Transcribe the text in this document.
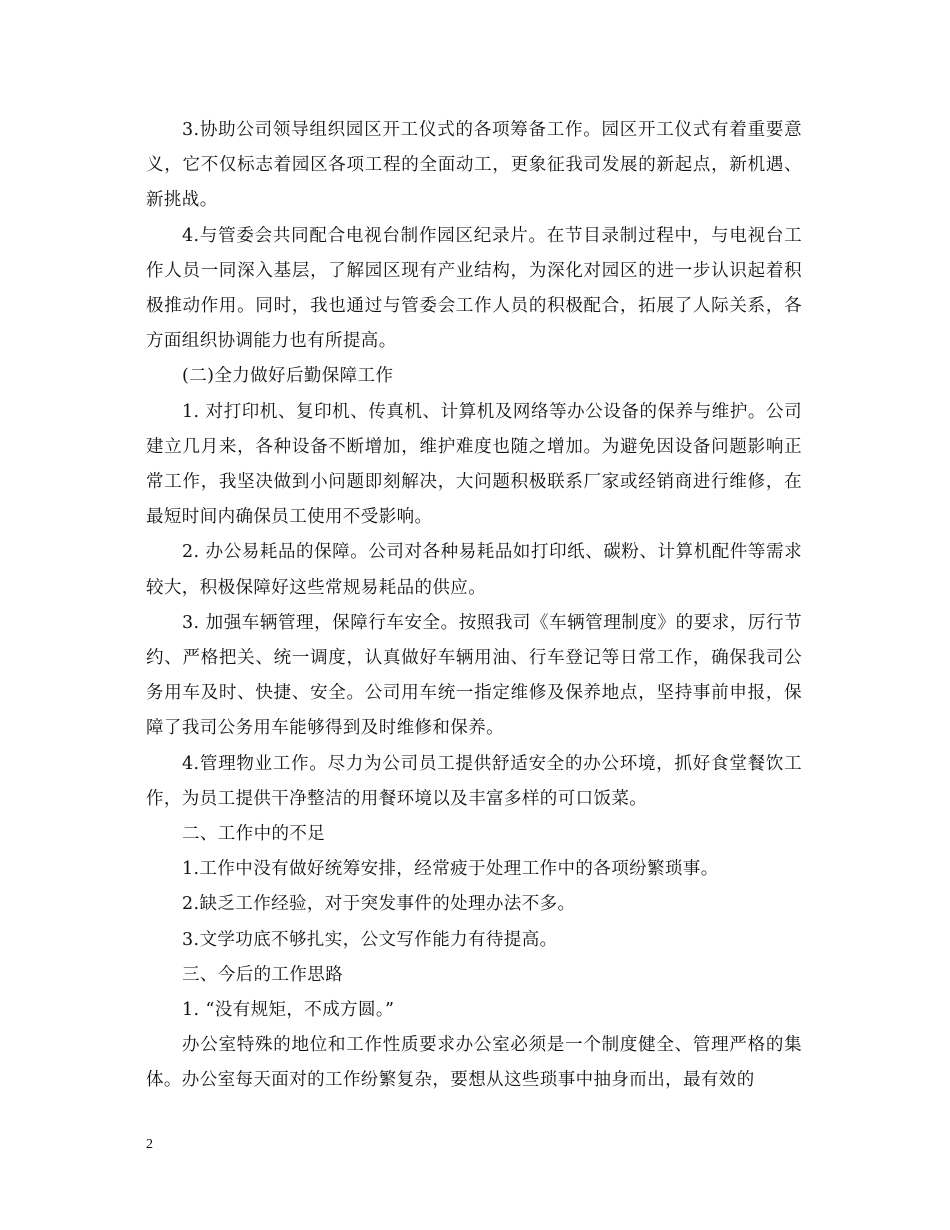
3.协助公司领导组织园区开工仪式的各项筹备工作。园区开工仪式有着重要意义，它不仅标志着园区各项工程的全面动工，更象征我司发展的新起点，新机遇、新挑战。

4.与管委会共同配合电视台制作园区纪录片。在节目录制过程中，与电视台工作人员一同深入基层，了解园区现有产业结构，为深化对园区的进一步认识起着积极推动作用。同时，我也通过与管委会工作人员的积极配合，拓展了人际关系，各方面组织协调能力也有所提高。

(二)全力做好后勤保障工作

1. 对打印机、复印机、传真机、计算机及网络等办公设备的保养与维护。公司建立几月来，各种设备不断增加，维护难度也随之增加。为避免因设备问题影响正常工作，我坚决做到小问题即刻解决，大问题积极联系厂家或经销商进行维修，在最短时间内确保员工使用不受影响。

2. 办公易耗品的保障。公司对各种易耗品如打印纸、碳粉、计算机配件等需求较大，积极保障好这些常规易耗品的供应。

3. 加强车辆管理，保障行车安全。按照我司《车辆管理制度》的要求，厉行节约、严格把关、统一调度，认真做好车辆用油、行车登记等日常工作，确保我司公务用车及时、快捷、安全。公司用车统一指定维修及保养地点，坚持事前申报，保障了我司公务用车能够得到及时维修和保养。

4.管理物业工作。尽力为公司员工提供舒适安全的办公环境，抓好食堂餐饮工作，为员工提供干净整洁的用餐环境以及丰富多样的可口饭菜。

二、工作中的不足

1.工作中没有做好统筹安排，经常疲于处理工作中的各项纷繁琐事。

2.缺乏工作经验，对于突发事件的处理办法不多。

3.文学功底不够扎实，公文写作能力有待提高。

三、今后的工作思路

1. “没有规矩，不成方圆。”

办公室特殊的地位和工作性质要求办公室必须是一个制度健全、管理严格的集体。办公室每天面对的工作纷繁复杂，要想从这些琐事中抽身而出，最有效的

2
